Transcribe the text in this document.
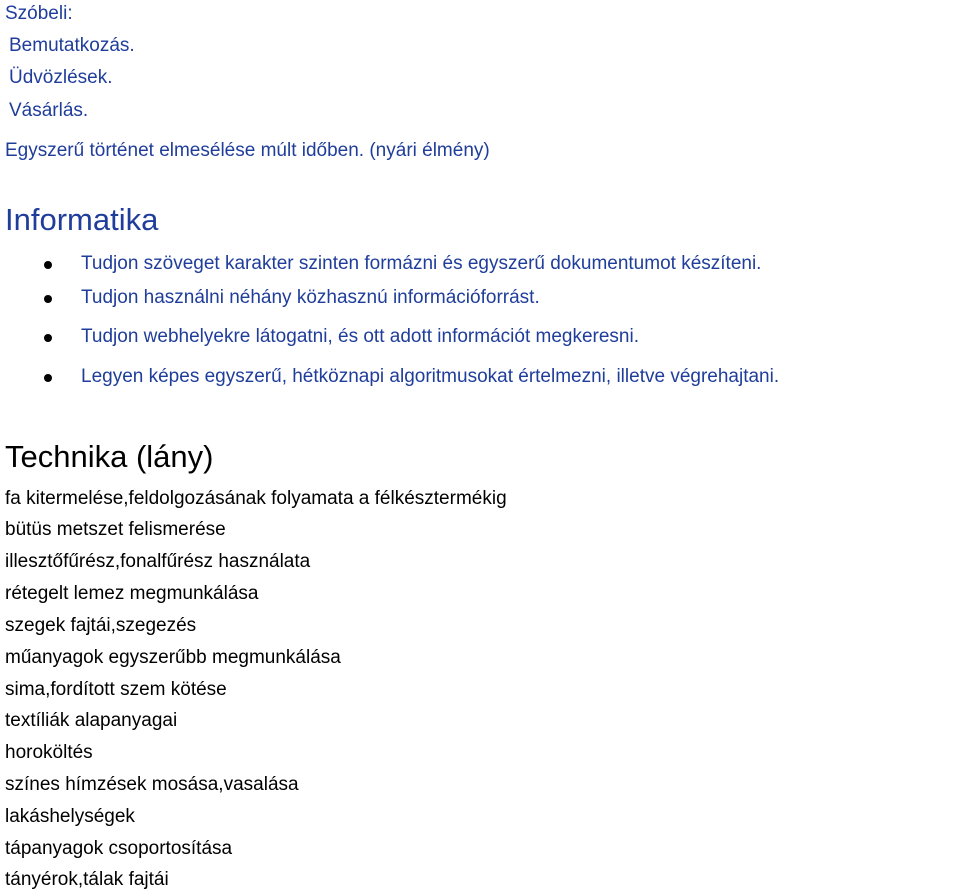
Szóbeli:
Bemutatkozás.
Üdvözlések.
Vásárlás.
Egyszerű történet elmesélése múlt időben. (nyári élmény)
Informatika
Tudjon szöveget karakter szinten formázni és egyszerű dokumentumot készíteni.
Tudjon használni néhány közhasznú információforrást.
Tudjon webhelyekre látogatni, és ott adott információt megkeresni.
Legyen képes egyszerű, hétköznapi algoritmusokat értelmezni, illetve végrehajtani.
Technika (lány)
fa kitermelése,feldolgozásának folyamata a félkésztermékig
bütüs metszet felismerése
illesztőfűrész,fonalfűrész használata
rétegelt lemez megmunkálása
szegek fajtái,szegezés
műanyagok egyszerűbb megmunkálása
sima,fordított szem kötése
textíliák alapanyagai
horoköltés
színes hímzések mosása,vasalása
lakáshelységek
tápanyagok csoportosítása
tányérok,tálak fajtái
